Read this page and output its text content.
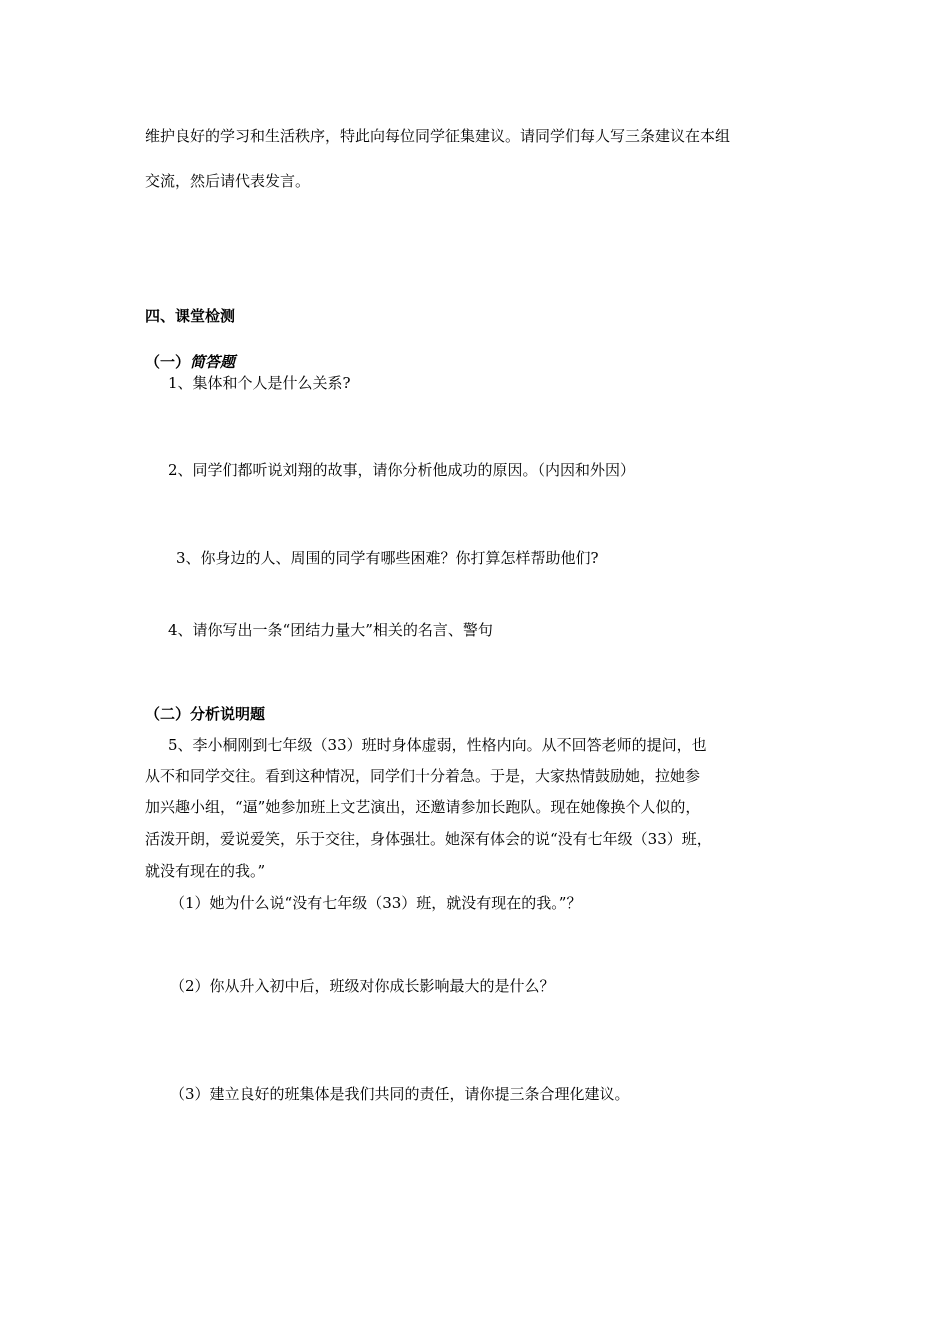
维护良好的学习和生活秩序，特此向每位同学征集建议。请同学们每人写三条建议在本组
交流，然后请代表发言。
四、课堂检测
（一）简答题
1、集体和个人是什么关系?
2、同学们都听说刘翔的故事，请你分析他成功的原因。（内因和外因）
3、你身边的人、周围的同学有哪些困难？你打算怎样帮助他们?
4、请你写出一条“团结力量大”相关的名言、警句
（二）分析说明题
5、李小桐刚到七年级（33）班时身体虚弱，性格内向。从不回答老师的提问，也
从不和同学交往。看到这种情况，同学们十分着急。于是，大家热情鼓励她，拉她参
加兴趣小组，“逼”她参加班上文艺演出，还邀请参加长跑队。现在她像换个人似的，
活泼开朗，爱说爱笑，乐于交往，身体强壮。她深有体会的说“没有七年级（33）班，
就没有现在的我。”
（1）她为什么说“没有七年级（33）班，就没有现在的我。”？
（2）你从升入初中后，班级对你成长影响最大的是什么？
（3）建立良好的班集体是我们共同的责任，请你提三条合理化建议。
